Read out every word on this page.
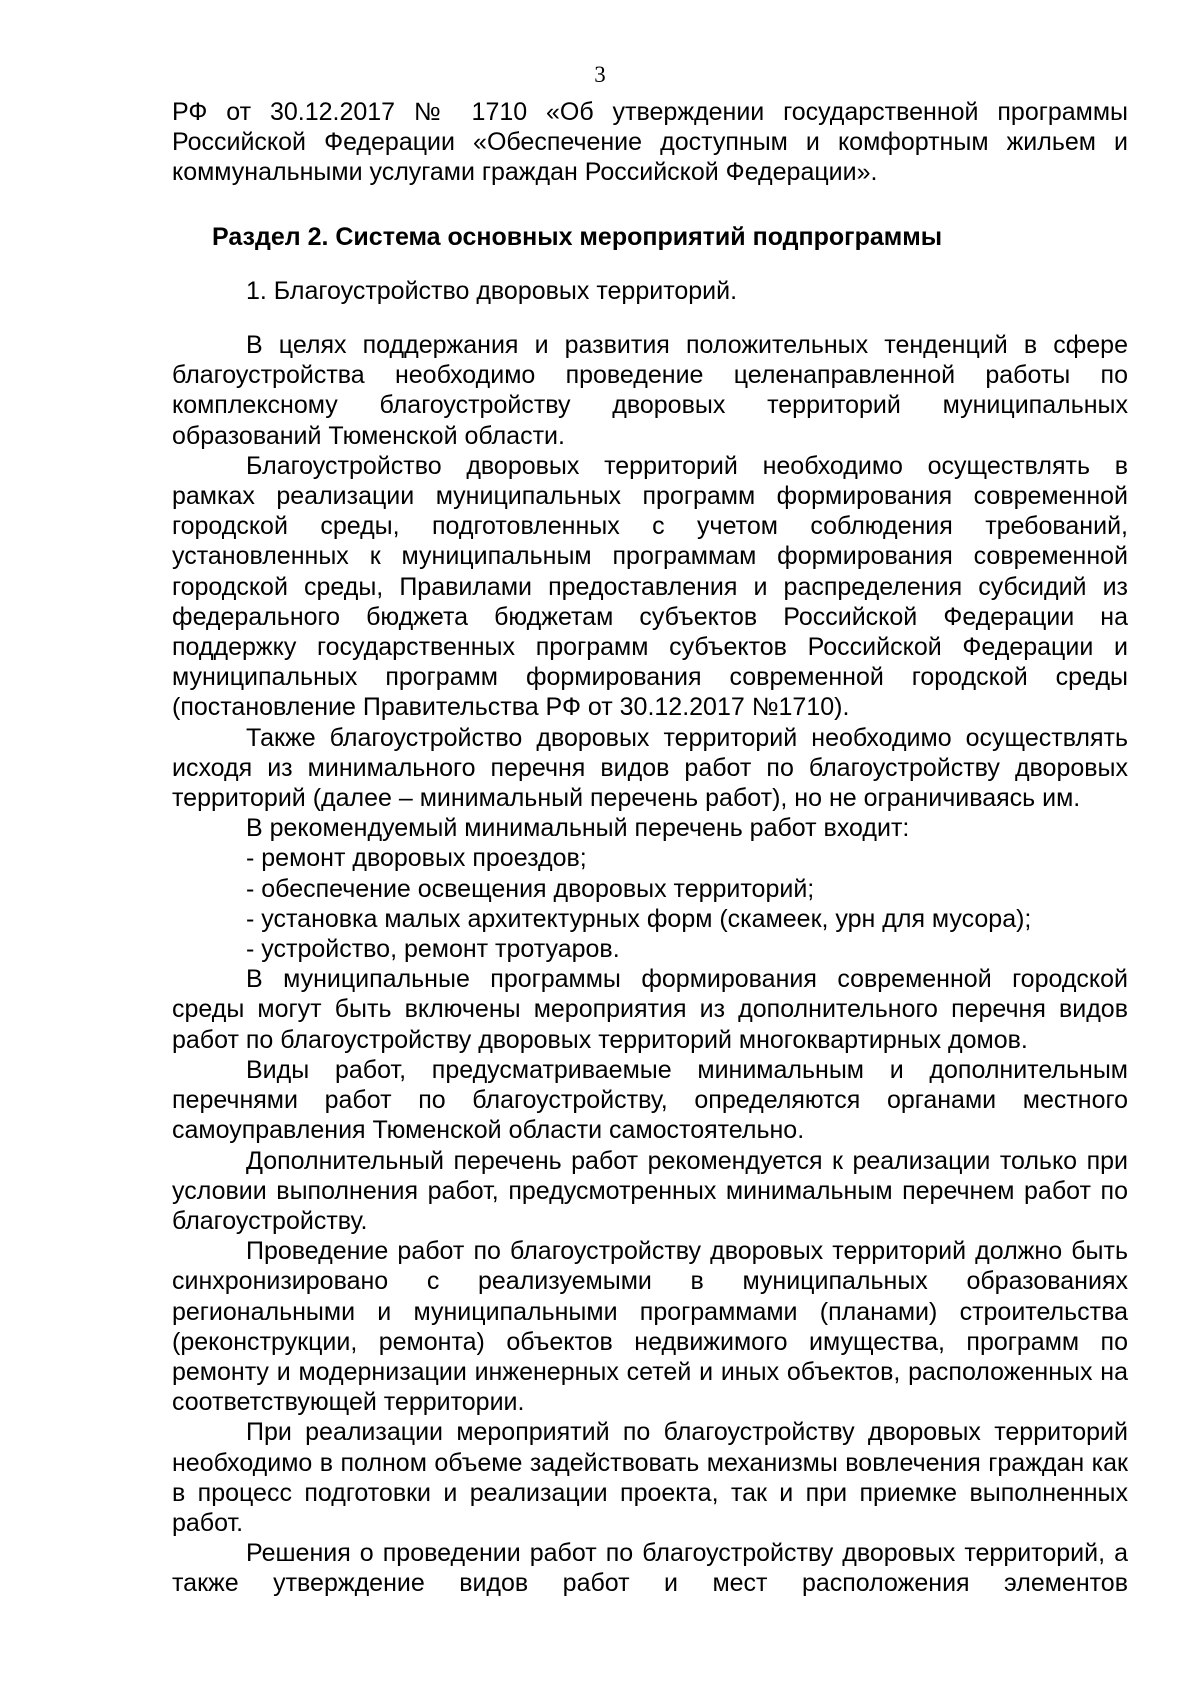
3

РФ от 30.12.2017 № 1710 «Об утверждении государственной программы Российской Федерации «Обеспечение доступным и комфортным жильем и коммунальными услугами граждан Российской Федерации».

Раздел 2. Система основных мероприятий подпрограммы

1. Благоустройство дворовых территорий.

В целях поддержания и развития положительных тенденций в сфере благоустройства необходимо проведение целенаправленной работы по комплексному благоустройству дворовых территорий муниципальных образований Тюменской области.

Благоустройство дворовых территорий необходимо осуществлять в рамках реализации муниципальных программ формирования современной городской среды, подготовленных с учетом соблюдения требований, установленных к муниципальным программам формирования современной городской среды, Правилами предоставления и распределения субсидий из федерального бюджета бюджетам субъектов Российской Федерации на поддержку государственных программ субъектов Российской Федерации и муниципальных программ формирования современной городской среды (постановление Правительства РФ от 30.12.2017 №1710).

Также благоустройство дворовых территорий необходимо осуществлять исходя из минимального перечня видов работ по благоустройству дворовых территорий (далее – минимальный перечень работ), но не ограничиваясь им.

В рекомендуемый минимальный перечень работ входит:

- ремонт дворовых проездов;

- обеспечение освещения дворовых территорий;

- установка малых архитектурных форм (скамеек, урн для мусора);

- устройство, ремонт тротуаров.

В муниципальные программы формирования современной городской среды могут быть включены мероприятия из дополнительного перечня видов работ по благоустройству дворовых территорий многоквартирных домов.

Виды работ, предусматриваемые минимальным и дополнительным перечнями работ по благоустройству, определяются органами местного самоуправления Тюменской области самостоятельно.

Дополнительный перечень работ рекомендуется к реализации только при условии выполнения работ, предусмотренных минимальным перечнем работ по благоустройству.

Проведение работ по благоустройству дворовых территорий должно быть синхронизировано с реализуемыми в муниципальных образованиях региональными и муниципальными программами (планами) строительства (реконструкции, ремонта) объектов недвижимого имущества, программ по ремонту и модернизации инженерных сетей и иных объектов, расположенных на соответствующей территории.

При реализации мероприятий по благоустройству дворовых территорий необходимо в полном объеме задействовать механизмы вовлечения граждан как в процесс подготовки и реализации проекта, так и при приемке выполненных работ.

Решения о проведении работ по благоустройству дворовых территорий, а также утверждение видов работ и мест расположения элементов
